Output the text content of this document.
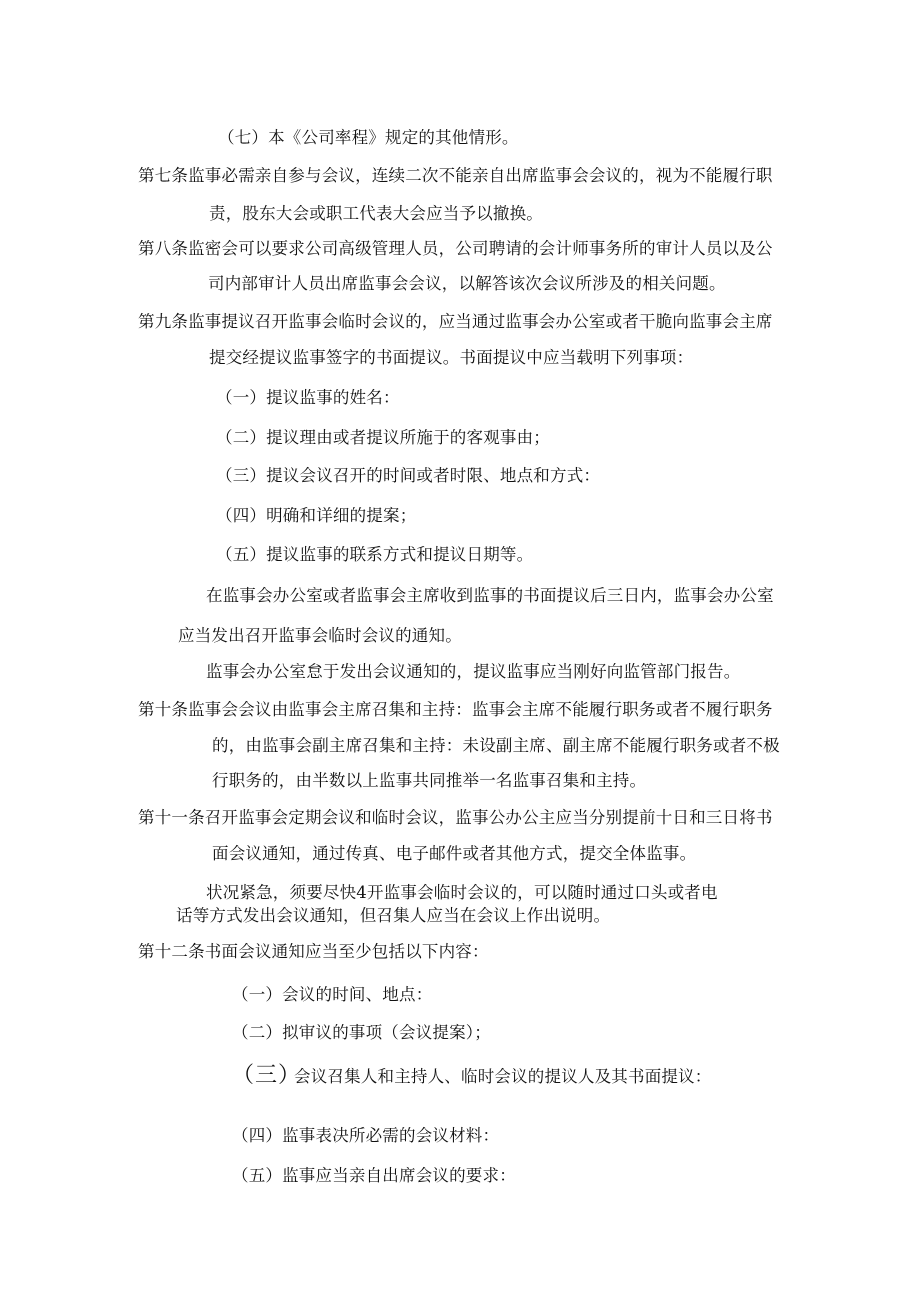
（七）本《公司率程》规定的其他情形。
第七条监事必需亲自参与会议，连续二次不能亲自出席监事会会议的，视为不能履行职
责，股东大会或职工代表大会应当予以撤换。
第八条监密会可以要求公司高级管理人员，公司聘请的会计师事务所的审计人员以及公
司内部审计人员出席监事会会议，以解答该次会议所涉及的相关问题。
第九条监事提议召开监事会临时会议的，应当通过监事会办公室或者干脆向监事会主席
提交经提议监事签字的书面提议。书面提议中应当载明下列事项：
（一）提议监事的姓名：
（二）提议理由或者提议所施于的客观事由；
（三）提议会议召开的时间或者时限、地点和方式：
（四）明确和详细的提案；
（五）提议监事的联系方式和提议日期等。
在监事会办公室或者监事会主席收到监事的书面提议后三日内，监事会办公室
应当发出召开监事会临时会议的通知。
监事会办公室怠于发出会议通知的，提议监事应当刚好向监管部门报告。
第十条监事会会议由监事会主席召集和主持：监事会主席不能履行职务或者不履行职务
的，由监事会副主席召集和主持：未设副主席、副主席不能履行职务或者不极
行职务的，由半数以上监事共同推举一名监事召集和主持。
第十一条召开监事会定期会议和临时会议，监事公办公主应当分别提前十日和三日将书
面会议通知，通过传真、电子邮件或者其他方式，提交全体监事。
状况紧急，须要尽快4开监事会临时会议的，可以随时通过口头或者电
话等方式发出会议通知，但召集人应当在会议上作出说明。
第十二条书面会议通知应当至少包括以下内容：
（一）会议的时间、地点：
（二）拟审议的事项（会议提案）；
（三）
会议召集人和主持人、临时会议的提议人及其书面提议：
（四）监事表决所必需的会议材料：
（五）监事应当亲自出席会议的要求：
